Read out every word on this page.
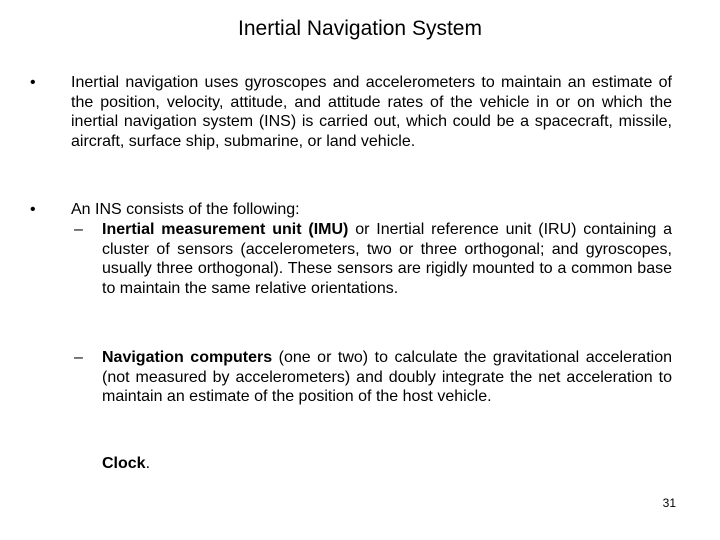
Inertial Navigation System
•	Inertial navigation uses gyroscopes and accelerometers to maintain an estimate of the position, velocity, attitude, and attitude rates of the vehicle in or on which the inertial navigation system (INS) is carried out, which could be a spacecraft, missile, aircraft, surface ship, submarine, or land vehicle.
•	An INS consists of the following:
– Inertial measurement unit (IMU) or Inertial reference unit (IRU) containing a cluster of sensors (accelerometers, two or three orthogonal; and gyroscopes, usually three orthogonal). These sensors are rigidly mounted to a common base to maintain the same relative orientations.
– Navigation computers (one or two) to calculate the gravitational acceleration (not measured by accelerometers) and doubly integrate the net acceleration to maintain an estimate of the position of the host vehicle.
Clock.
31
